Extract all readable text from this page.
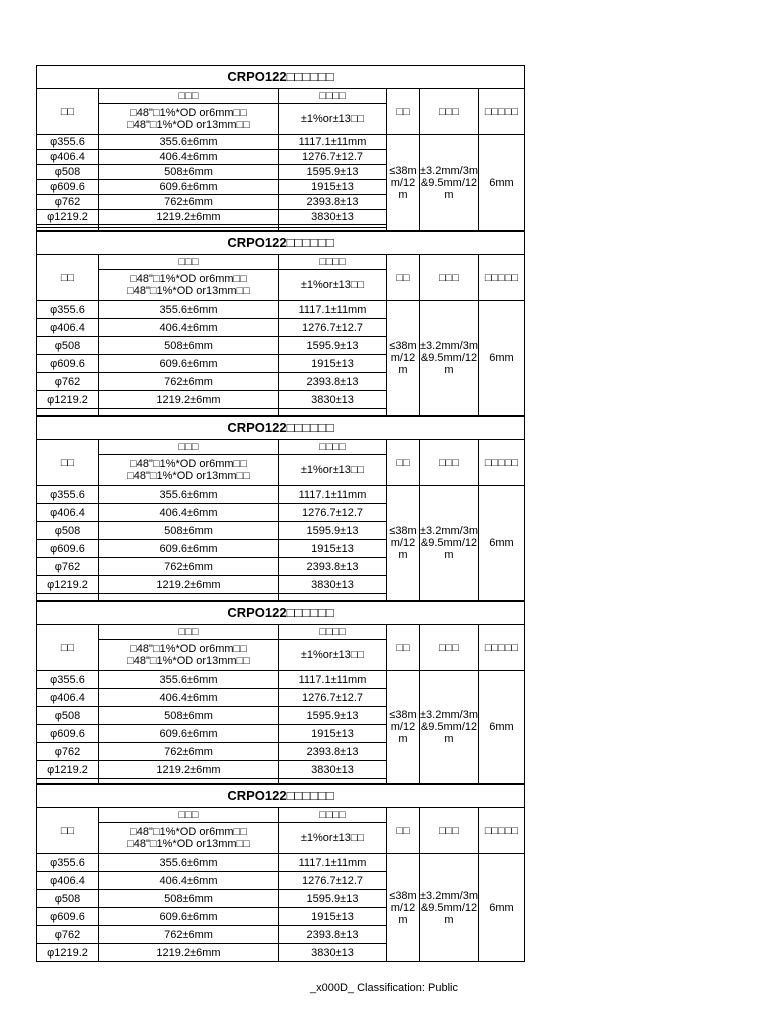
CRPO122□□□□□□					
□□	□□□	□□□□	□□	□□□	□□□□□

	□48"□1%*OD or6mm□□
□48"□1%*OD or13mm□□	±1%or±13□□			
φ355.6	355.6±6mm	1117.1±11mm	≤38mm/12m	±3.2mm/3m&9.5mm/12m	6mm
φ406.4	406.4±6mm	1276.7±12.7			
φ508	508±6mm	1595.9±13			
φ609.6	609.6±6mm	1915±13			
φ762	762±6mm	2393.8±13			
φ1219.2	1219.2±6mm	3830±13			

CRPO122□□□□□□					
□□	□□□	□□□□	□□	□□□	□□□□□

	□48"□1%*OD or6mm□□
□48"□1%*OD or13mm□□	±1%or±13□□			
φ355.6	355.6±6mm	1117.1±11mm	≤38mm/12m	±3.2mm/3m&9.5mm/12m	6mm
φ406.4	406.4±6mm	1276.7±12.7			
φ508	508±6mm	1595.9±13			
φ609.6	609.6±6mm	1915±13			
φ762	762±6mm	2393.8±13			
φ1219.2	1219.2±6mm	3830±13			

CRPO122□□□□□□					
□□	□□□	□□□□	□□	□□□	□□□□□

	□48"□1%*OD or6mm□□
□48"□1%*OD or13mm□□	±1%or±13□□			
φ355.6	355.6±6mm	1117.1±11mm	≤38mm/12m	±3.2mm/3m&9.5mm/12m	6mm
φ406.4	406.4±6mm	1276.7±12.7			
φ508	508±6mm	1595.9±13			
φ609.6	609.6±6mm	1915±13			
φ762	762±6mm	2393.8±13			
φ1219.2	1219.2±6mm	3830±13			

CRPO122□□□□□□					
□□	□□□	□□□□	□□	□□□	□□□□□

	□48"□1%*OD or6mm□□
□48"□1%*OD or13mm□□	±1%or±13□□			
φ355.6	355.6±6mm	1117.1±11mm	≤38mm/12m	±3.2mm/3m&9.5mm/12m	6mm
φ406.4	406.4±6mm	1276.7±12.7			
φ508	508±6mm	1595.9±13			
φ609.6	609.6±6mm	1915±13			
φ762	762±6mm	2393.8±13			
φ1219.2	1219.2±6mm	3830±13			

CRPO122□□□□□□					
□□	□□□	□□□□	□□	□□□	□□□□□

	□48"□1%*OD or6mm□□
□48"□1%*OD or13mm□□	±1%or±13□□			
φ355.6	355.6±6mm	1117.1±11mm	≤38mm/12m	±3.2mm/3m&9.5mm/12m	6mm
φ406.4	406.4±6mm	1276.7±12.7			
φ508	508±6mm	1595.9±13			
φ609.6	609.6±6mm	1915±13			
φ762	762±6mm	2393.8±13			
φ1219.2	1219.2±6mm	3830±13			
_x000D_ Classification: Public
